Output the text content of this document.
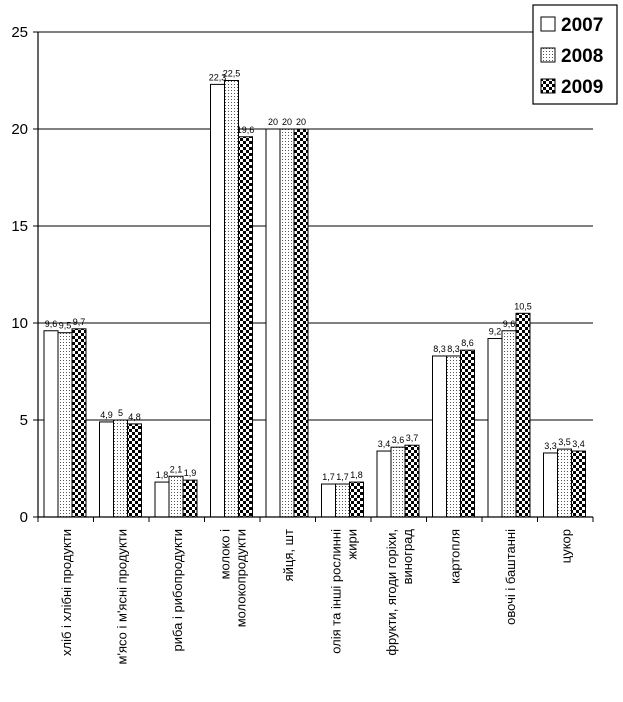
9,6
4,9
1,8
22,3
20
1,7
3,4
8,3
9,2
3,3
9,5
5
2,1
22,5
20
1,7
3,6
8,3
9,6
3,5
9,7
4,8
1,9
19,6
20
1,8
3,7
8,6
10,5
3,4
0
5
10
15
20
25
хліб і хлібні продукти	м'ясо і м'ясні продукти	риба і рибопродукти	молоко і молокопродукти	яйця, шт	олія та інші рослинні жири фрукти, ягоди горіхи, виноград	картопля	овочі і баштанні	цукор
2007
2008
2009
